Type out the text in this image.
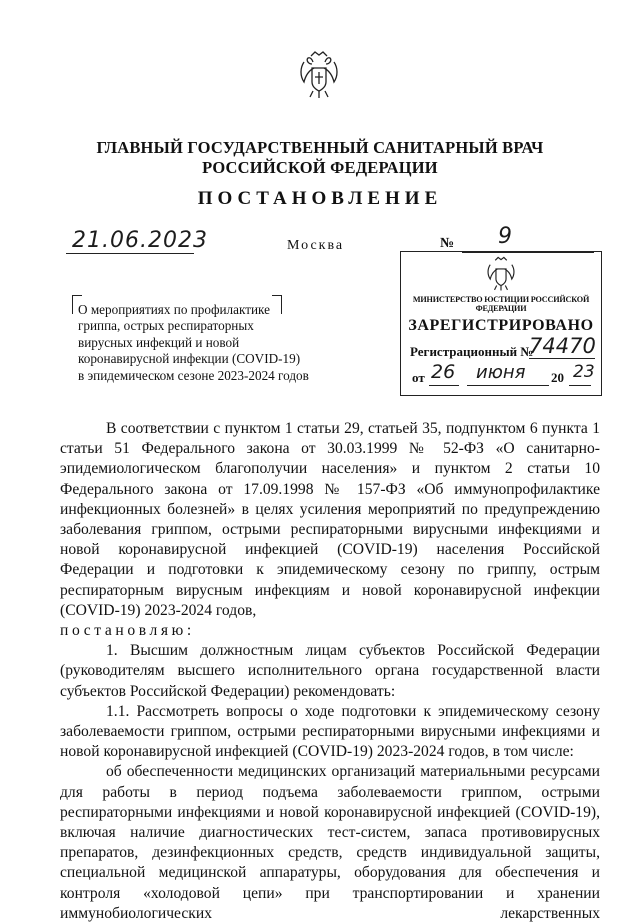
ГЛАВНЫЙ ГОСУДАРСТВЕННЫЙ САНИТАРНЫЙ ВРАЧ
РОССИЙСКОЙ ФЕДЕРАЦИИ
ПОСТАНОВЛЕНИЕ
21.06.2023	Москва	№ 9
МИНИСТЕРСТВО ЮСТИЦИИ РОССИЙСКОЙ ФЕДЕРАЦИИ
ЗАРЕГИСТРИРОВАНО
Регистрационный №
74470
от 26 июня 20 23
О мероприятиях по профилактике
гриппа, острых респираторных
вирусных инфекций и новой
коронавирусной инфекции (COVID-19)
в эпидемическом сезоне 2023-2024 годов

В соответствии с пунктом 1 статьи 29, статьей 35, подпунктом 6 пункта 1 статьи 51 Федерального закона от 30.03.1999 № 52-ФЗ «О санитарно-эпидемиологическом благополучии населения» и пунктом 2 статьи 10 Федерального закона от 17.09.1998 № 157-ФЗ «Об иммунопрофилактике инфекционных болезней» в целях усиления мероприятий по предупреждению заболевания гриппом, острыми респираторными вирусными инфекциями и новой коронавирусной инфекцией (COVID-19) населения Российской Федерации и подготовки к эпидемическому сезону по гриппу, острым респираторным вирусным инфекциям и новой коронавирусной инфекции (COVID-19) 2023-2024 годов,

постановляю:

1. Высшим должностным лицам субъектов Российской Федерации (руководителям высшего исполнительного органа государственной власти субъектов Российской Федерации) рекомендовать:

1.1. Рассмотреть вопросы о ходе подготовки к эпидемическому сезону заболеваемости гриппом, острыми респираторными вирусными инфекциями и новой коронавирусной инфекцией (COVID-19) 2023-2024 годов, в том числе:

об обеспеченности медицинских организаций материальными ресурсами для работы в период подъема заболеваемости гриппом, острыми респираторными инфекциями и новой коронавирусной инфекцией (COVID-19), включая наличие диагностических тест-систем, запаса противовирусных препаратов, дезинфекционных средств, средств индивидуальной защиты, специальной медицинской аппаратуры, оборудования для обеспечения и контроля «холодовой цепи» при транспортировании и хранении иммунобиологических лекарственных
